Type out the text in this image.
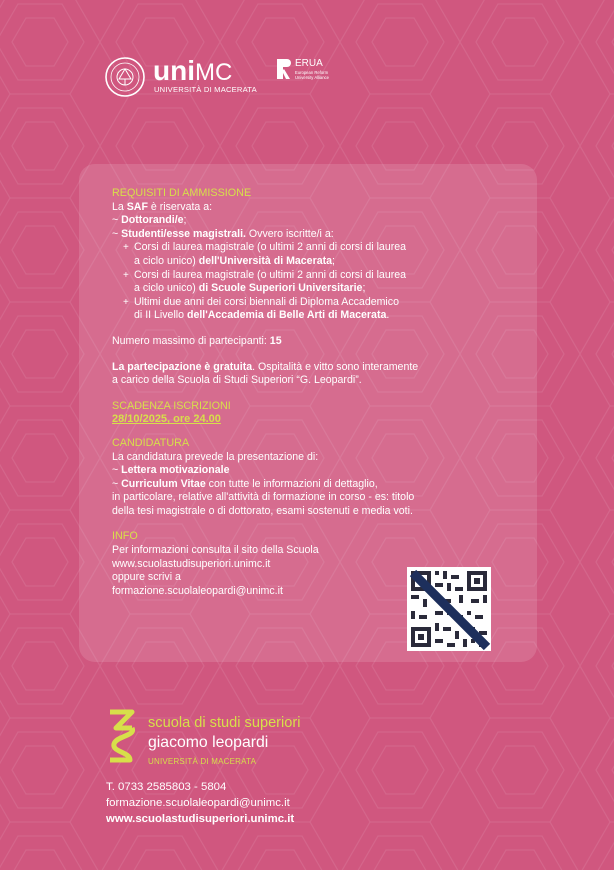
uniMC
UNIVERSITÀ DI MACERATA
ERUA
European Reform
University Alliance

REQUISITI DI AMMISSIONE

La SAF è riservata a:

~ Dottorandi/e;

~ Studenti/esse magistrali. Ovvero iscritte/i a:

+ Corsi di laurea magistrale (o ultimi 2 anni di corsi di laurea
a ciclo unico) dell'Università di Macerata;

+ Corsi di laurea magistrale (o ultimi 2 anni di corsi di laurea
a ciclo unico) di Scuole Superiori Universitarie;

+ Ultimi due anni dei corsi biennali di Diploma Accademico
di II Livello dell'Accademia di Belle Arti di Macerata.

Numero massimo di partecipanti: 15

La partecipazione è gratuita. Ospitalità e vitto sono interamente
a carico della Scuola di Studi Superiori “G. Leopardi”.

SCADENZA ISCRIZIONI

28/10/2025, ore 24.00

CANDIDATURA

La candidatura prevede la presentazione di:

~ Lettera motivazionale

~ Curriculum Vitae con tutte le informazioni di dettaglio,

in particolare, relative all'attività di formazione in corso - es: titolo

della tesi magistrale o di dottorato, esami sostenuti e media voti.

INFO

Per informazioni consulta il sito della Scuola

www.scuolastudisuperiori.unimc.it

oppure scrivi a

formazione.scuolaleopardi@unimc.it

scuola di studi superiori
giacomo leopardi
UNIVERSITÀ DI MACERATA
T. 0733 2585803 - 5804
formazione.scuolaleopardi@unimc.it
www.scuolastudisuperiori.unimc.it
